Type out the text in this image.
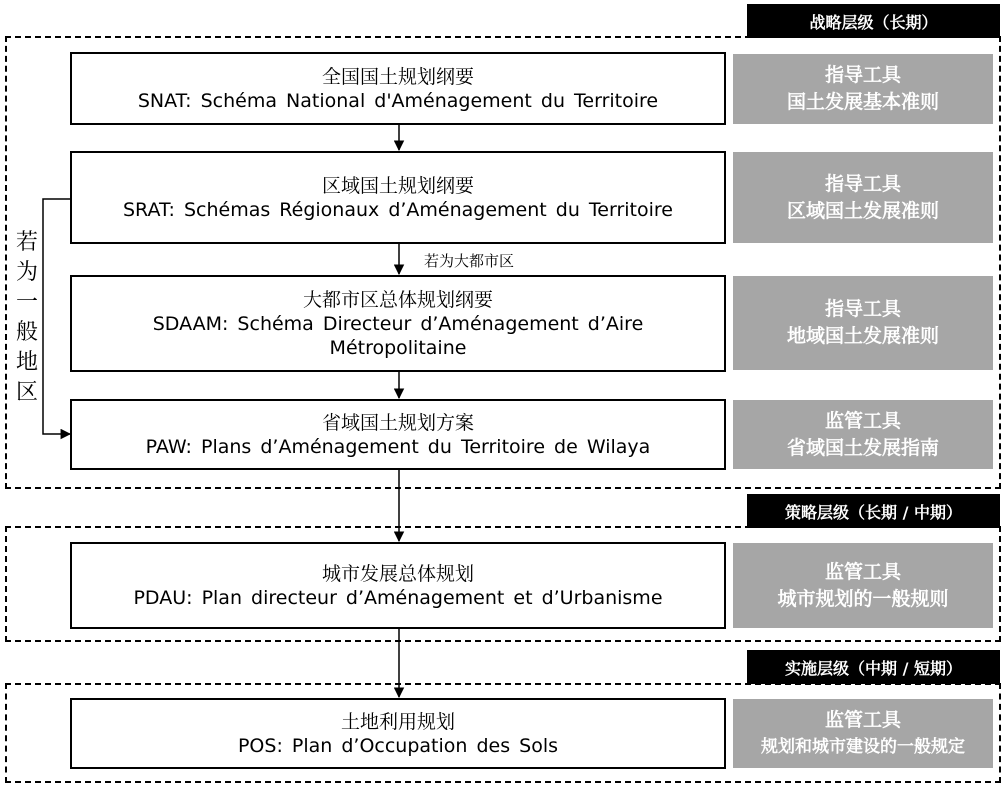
战略层级（长期）
策略层级（长期 / 中期）
实施层级（中期 / 短期）
全国国土规划纲要
SNAT: Schéma National d'Aménagement du Territoire
区域国土规划纲要
SRAT: Schémas Régionaux d’Aménagement du Territoire
大都市区总体规划纲要
SDAAM: Schéma Directeur d’Aménagement d’Aire Métropolitaine
省域国土规划方案
PAW: Plans d’Aménagement du Territoire de Wilaya
城市发展总体规划
PDAU: Plan directeur d’Aménagement et d’Urbanisme
土地利用规划
POS: Plan d’Occupation des Sols
指导工具
国土发展基本准则
指导工具
区域国土发展准则
指导工具
地域国土发展准则
监管工具
省域国土发展指南
监管工具
城市规划的一般规则
监管工具
规划和城市建设的一般规定
若
为
一
般
地
区
若为大都市区
